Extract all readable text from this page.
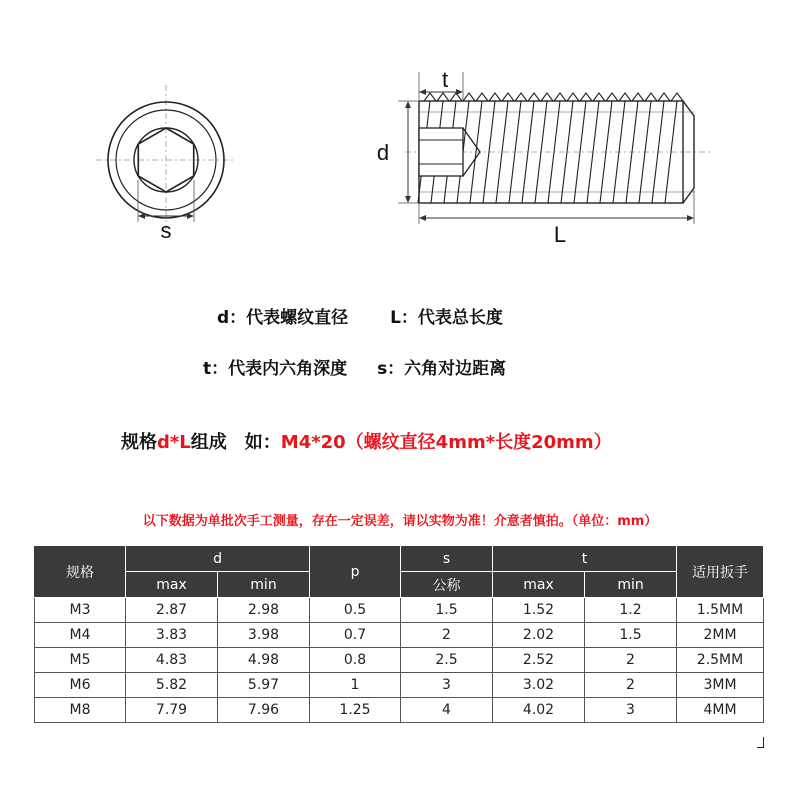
s
t
d
L
d：代表螺纹直径 L：代表总长度
t：代表内六角深度 s：六角对边距离
规格d*L组成　如：M4*20（螺纹直径4mm*长度20mm）
以下数据为单批次手工测量，存在一定误差，请以实物为准！介意者慎拍。（单位：mm）
规格	d		p	s	t		适用扳手
	max	min		公称	max	min	
M3	2.87	2.98	0.5	1.5	1.52	1.2	1.5MM
M4	3.83	3.98	0.7	2	2.02	1.5	2MM
M5	4.83	4.98	0.8	2.5	2.52	2	2.5MM
M6	5.82	5.97	1	3	3.02	2	3MM
M8	7.79	7.96	1.25	4	4.02	3	4MM
